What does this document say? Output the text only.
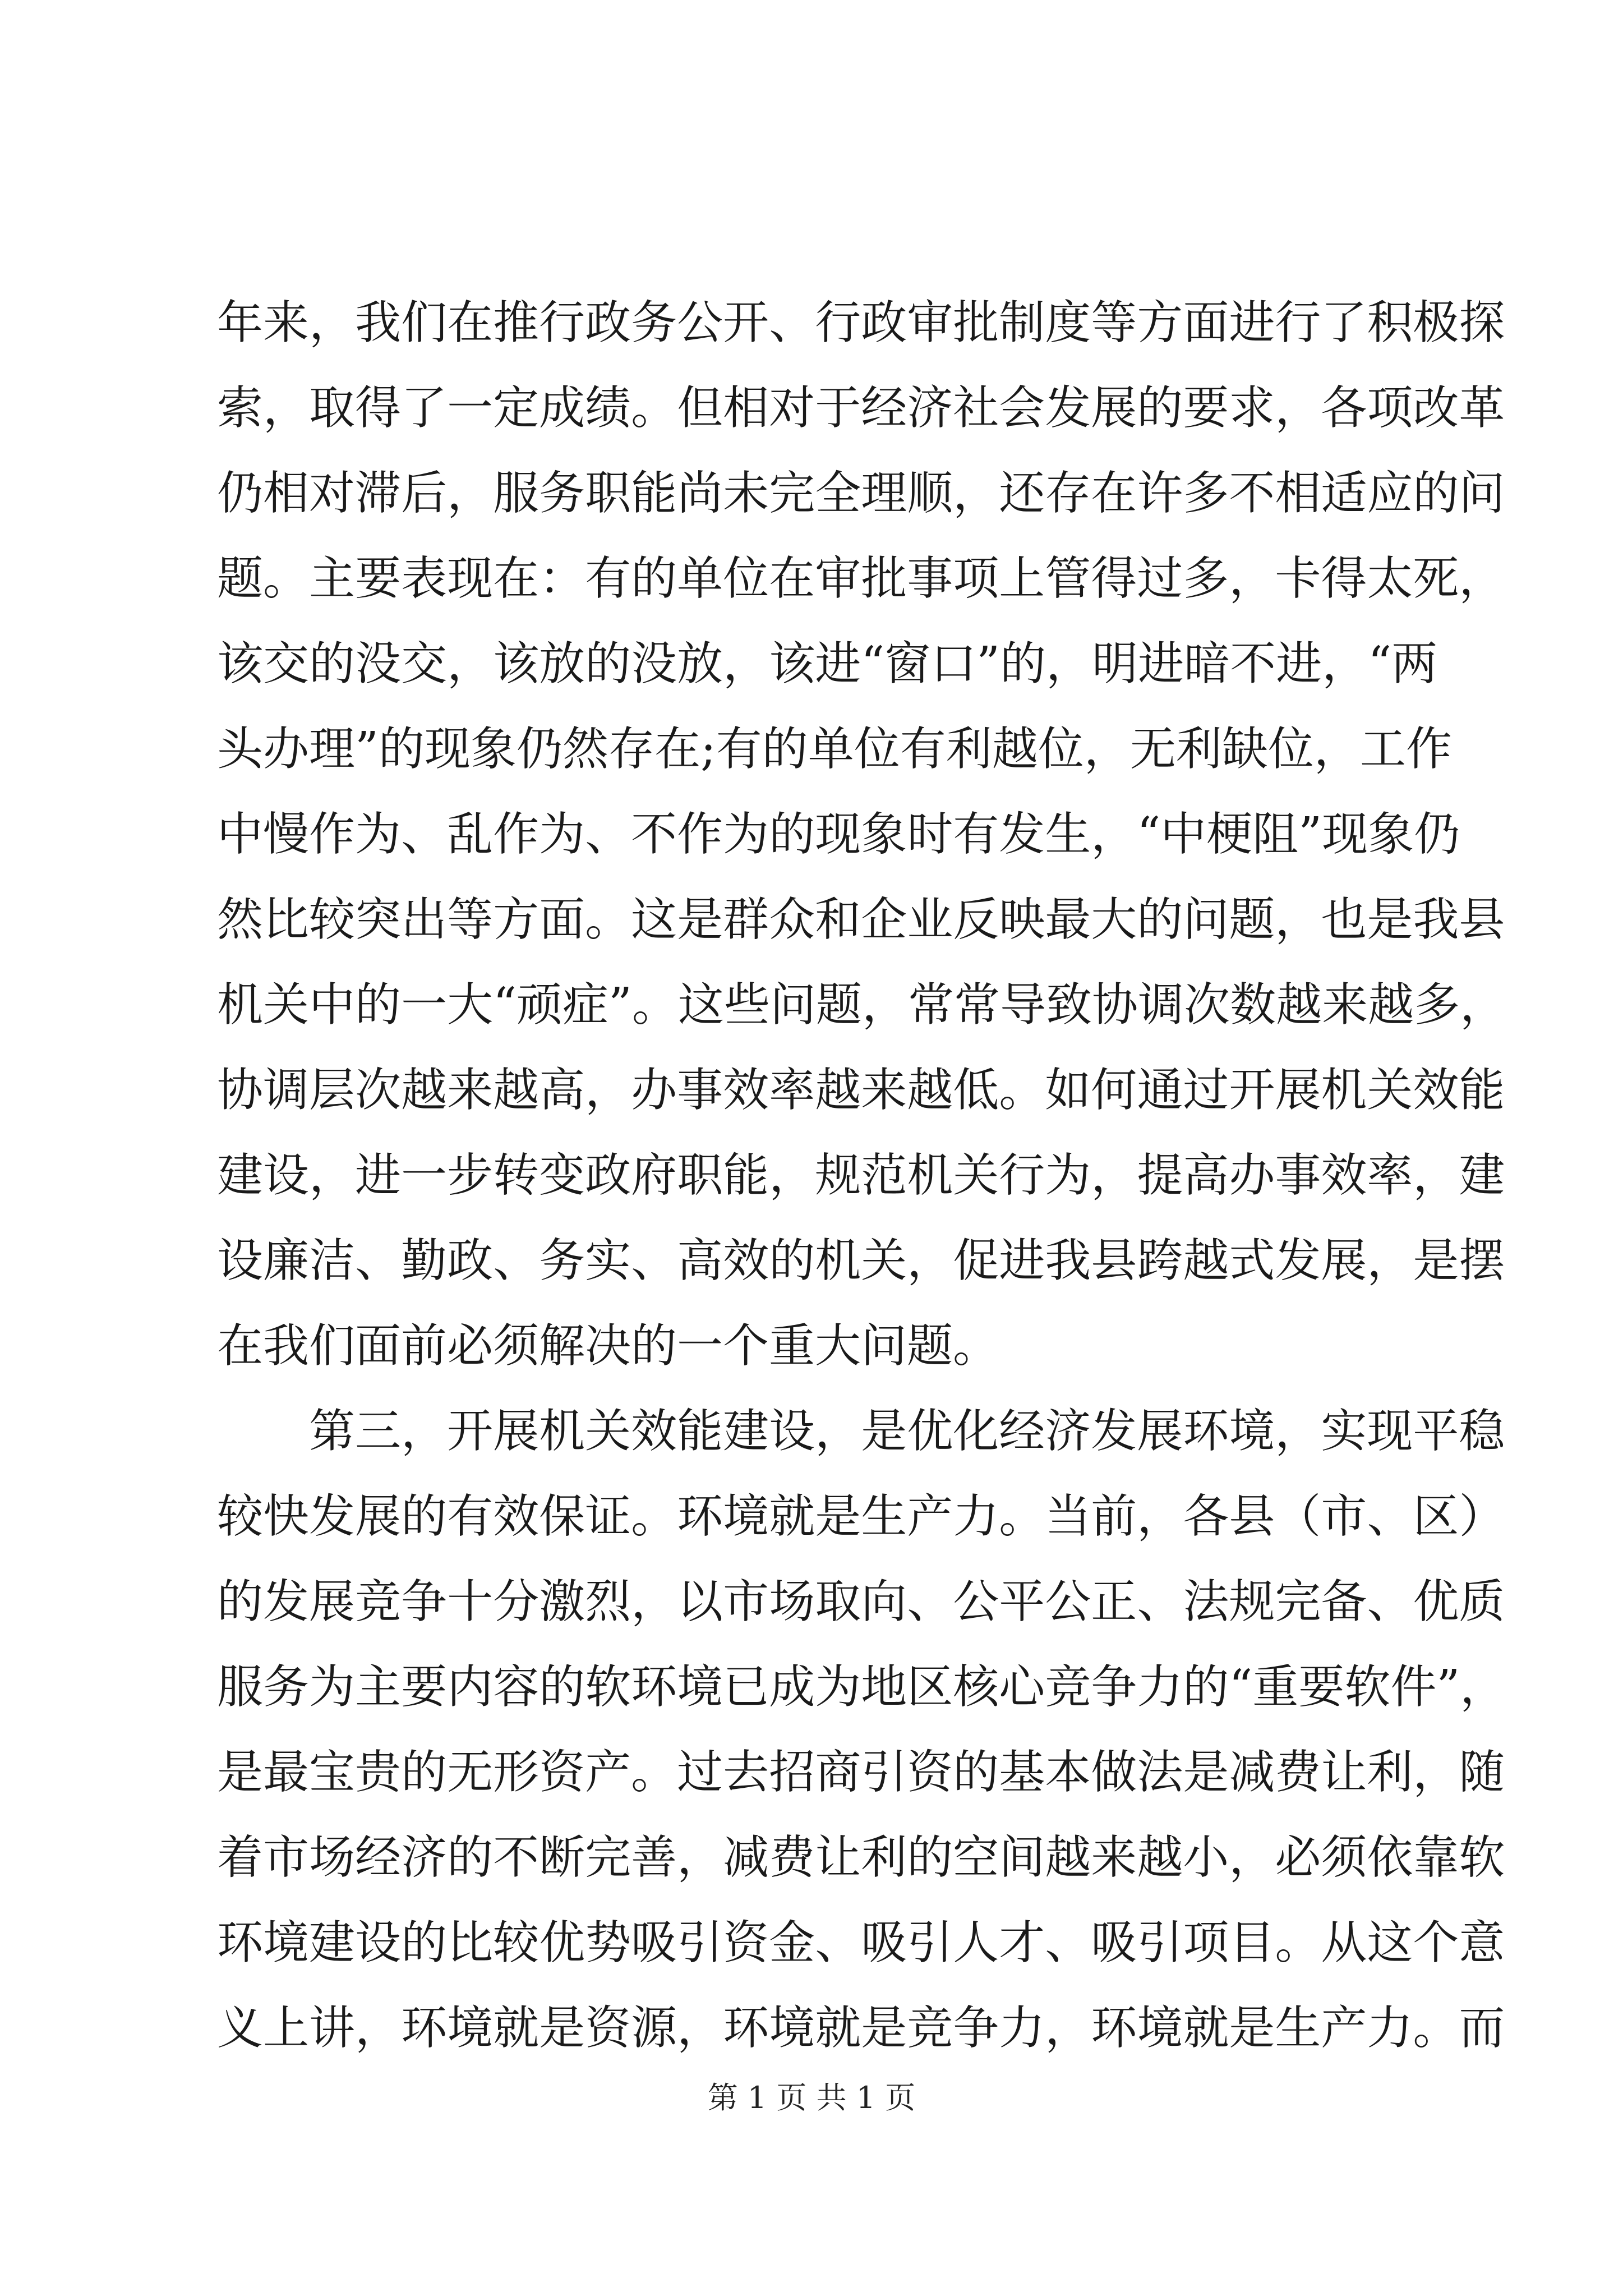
年 来 ， 我 们 在 推 行 政 务 公 开 、 行 政 审 批 制 度 等 方 面 进 行 了 积 极 探
索 ， 取 得 了 一 定 成 绩 。 但 相 对 于 经 济 社 会 发 展 的 要 求 ， 各 项 改 革
仍 相 对 滞 后 ， 服 务 职 能 尚 未 完 全 理 顺 ， 还 存 在 许 多 不 相 适 应 的 问
题 。 主 要 表 现 在 ： 有 的 单 位 在 审 批 事 项 上 管 得 过 多 ， 卡 得 太 死 ，
该 交 的 没 交 ， 该 放 的 没 放 ， 该 进 “ 窗 口 ” 的 ， 明 进 暗 不 进 ， “ 两
头 办 理 ” 的 现 象 仍 然 存 在 ; 有 的 单 位 有 利 越 位 ， 无 利 缺 位 ， 工 作
中 慢 作 为 、 乱 作 为 、 不 作 为 的 现 象 时 有 发 生 ， “ 中 梗 阻 ” 现 象 仍
然 比 较 突 出 等 方 面 。 这 是 群 众 和 企 业 反 映 最 大 的 问 题 ， 也 是 我 县
机 关 中 的 一 大 “ 顽 症 ” 。 这 些 问 题 ， 常 常 导 致 协 调 次 数 越 来 越 多 ，
协 调 层 次 越 来 越 高 ， 办 事 效 率 越 来 越 低 。 如 何 通 过 开 展 机 关 效 能
建 设 ， 进 一 步 转 变 政 府 职 能 ， 规 范 机 关 行 为 ， 提 高 办 事 效 率 ， 建
设 廉 洁 、 勤 政 、 务 实 、 高 效 的 机 关 ， 促 进 我 县 跨 越 式 发 展 ， 是 摆
在我们面前必须解决的一个重大问题。
第 三 ， 开 展 机 关 效 能 建 设 ， 是 优 化 经 济 发 展 环 境 ， 实 现 平 稳
较 快 发 展 的 有 效 保 证 。 环 境 就 是 生 产 力 。 当 前 ， 各 县 （ 市 、 区 ）
的 发 展 竞 争 十 分 激 烈 ， 以 市 场 取 向 、 公 平 公 正 、 法 规 完 备 、 优 质
服 务 为 主 要 内 容 的 软 环 境 已 成 为 地 区 核 心 竞 争 力 的 “ 重 要 软 件 ” ，
是 最 宝 贵 的 无 形 资 产 。 过 去 招 商 引 资 的 基 本 做 法 是 减 费 让 利 ， 随
着 市 场 经 济 的 不 断 完 善 ， 减 费 让 利 的 空 间 越 来 越 小 ， 必 须 依 靠 软
环 境 建 设 的 比 较 优 势 吸 引 资 金 、 吸 引 人 才 、 吸 引 项 目 。 从 这 个 意
义 上 讲 ， 环 境 就 是 资 源 ， 环 境 就 是 竞 争 力 ， 环 境 就 是 生 产 力 。 而
第 1 页 共 1 页
